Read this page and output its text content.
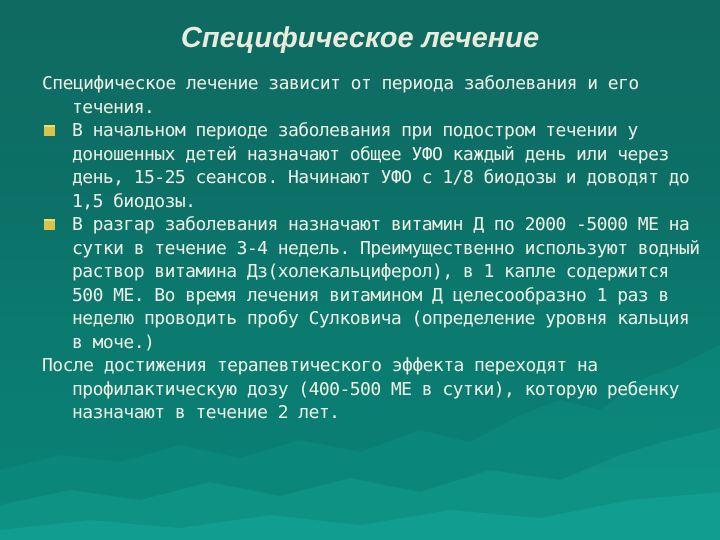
Специфическое лечение

Специфическое лечение зависит от периода заболевания и его течения.

В начальном периоде заболевания при подостром течении у доношенных детей назначают общее УФО каждый день или через день, 15-25 сеансов. Начинают УФО с 1/8 биодозы и доводят до 1,5 биодозы.
В разгар заболевания назначают витамин Д по 2000 -5000 МЕ на сутки в течение 3-4 недель. Преимущественно используют водный раствор витамина Дз(холекальциферол), в 1 капле содержится 500 МЕ. Во время лечения витамином Д целесообразно 1 раз в неделю проводить пробу Сулковича (определение уровня кальция в моче.)

После достижения терапевтического эффекта переходят на профилактическую дозу (400-500 МЕ в сутки), которую ребенку назначают в течение 2 лет.
